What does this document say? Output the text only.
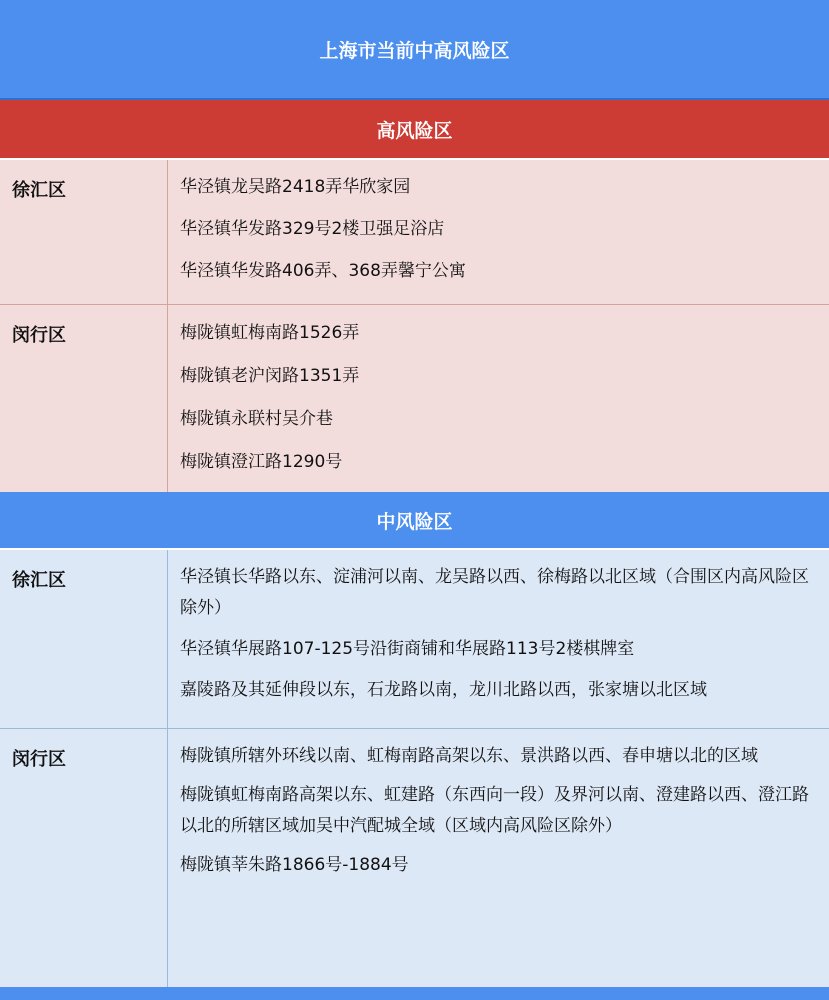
上海市当前中高风险区
高风险区
徐汇区	华泾镇龙吴路2418弄华欣家园

华泾镇华发路329号2楼卫强足浴店

华泾镇华发路406弄、368弄馨宁公寓

闵行区	梅陇镇虹梅南路1526弄

梅陇镇老沪闵路1351弄

梅陇镇永联村吴介巷

梅陇镇澄江路1290号

中风险区
徐汇区	华泾镇长华路以东、淀浦河以南、龙吴路以西、徐梅路以北区域（合围区内高风险区除外）

华泾镇华展路107-125号沿街商铺和华展路113号2楼棋牌室

嘉陵路及其延伸段以东，石龙路以南，龙川北路以西，张家塘以北区域

闵行区	梅陇镇所辖外环线以南、虹梅南路高架以东、景洪路以西、春申塘以北的区域

梅陇镇虹梅南路高架以东、虹建路（东西向一段）及界河以南、澄建路以西、澄江路以北的所辖区域加吴中汽配城全域（区域内高风险区除外）

梅陇镇莘朱路1866号-1884号
